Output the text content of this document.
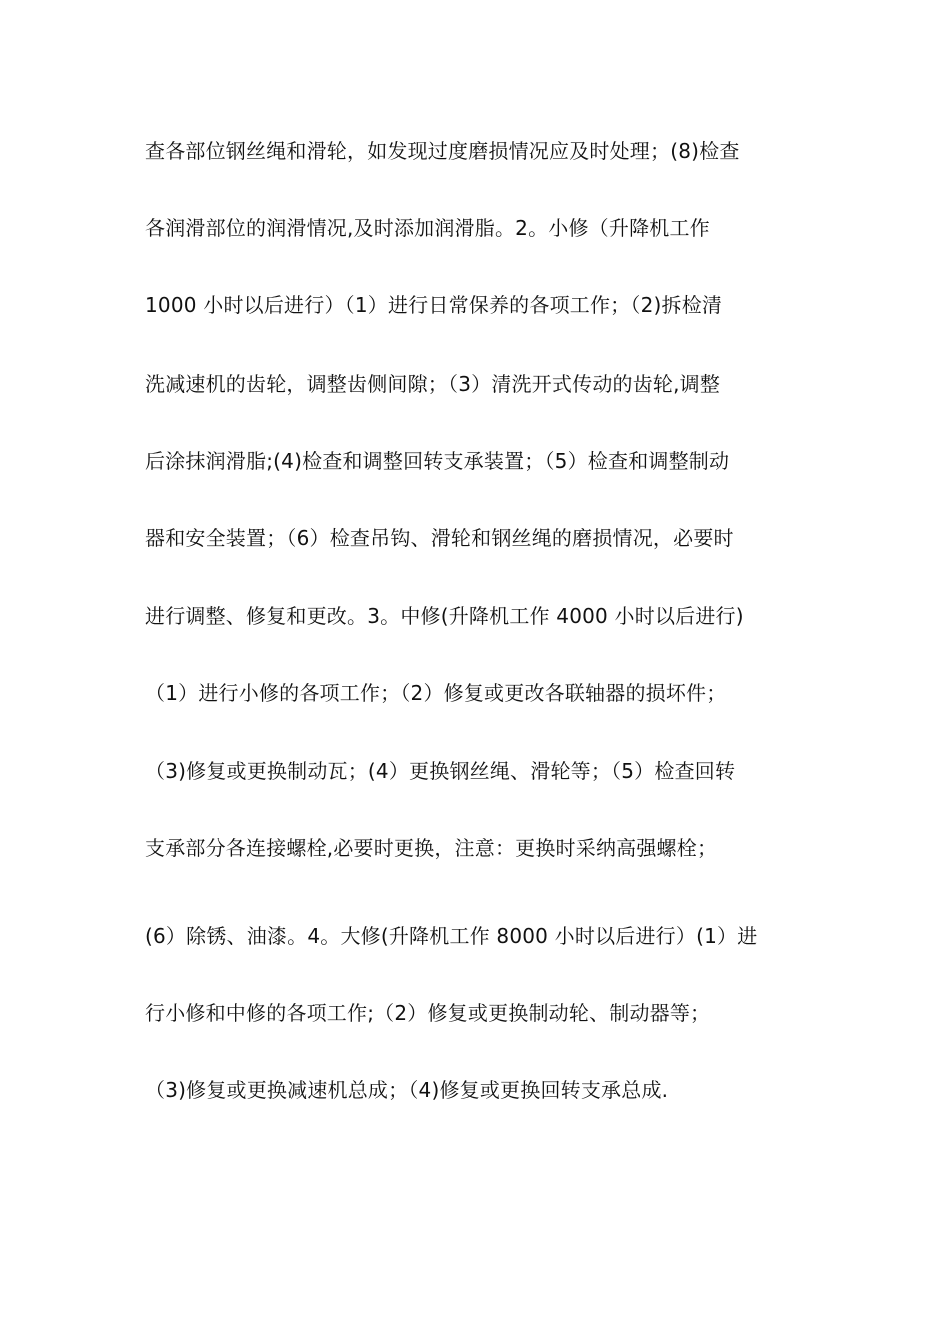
查各部位钢丝绳和滑轮，如发现过度磨损情况应及时处理；(8)检查
各润滑部位的润滑情况,及时添加润滑脂。2。小修（升降机工作
1000 小时以后进行）（1）进行日常保养的各项工作；（2)拆检清
洗减速机的齿轮，调整齿侧间隙；（3）清洗开式传动的齿轮,调整
后涂抹润滑脂;(4)检查和调整回转支承装置；（5）检查和调整制动
器和安全装置；（6）检查吊钩、滑轮和钢丝绳的磨损情况，必要时
进行调整、修复和更改。3。中修(升降机工作 4000 小时以后进行)
（1）进行小修的各项工作；（2）修复或更改各联轴器的损坏件；
（3)修复或更换制动瓦；(4）更换钢丝绳、滑轮等；（5）检查回转
支承部分各连接螺栓,必要时更换，注意：更换时采纳高强螺栓；
(6）除锈、油漆。4。大修(升降机工作 8000 小时以后进行）(1）进
行小修和中修的各项工作;（2）修复或更换制动轮、制动器等；
（3)修复或更换减速机总成；（4)修复或更换回转支承总成.
